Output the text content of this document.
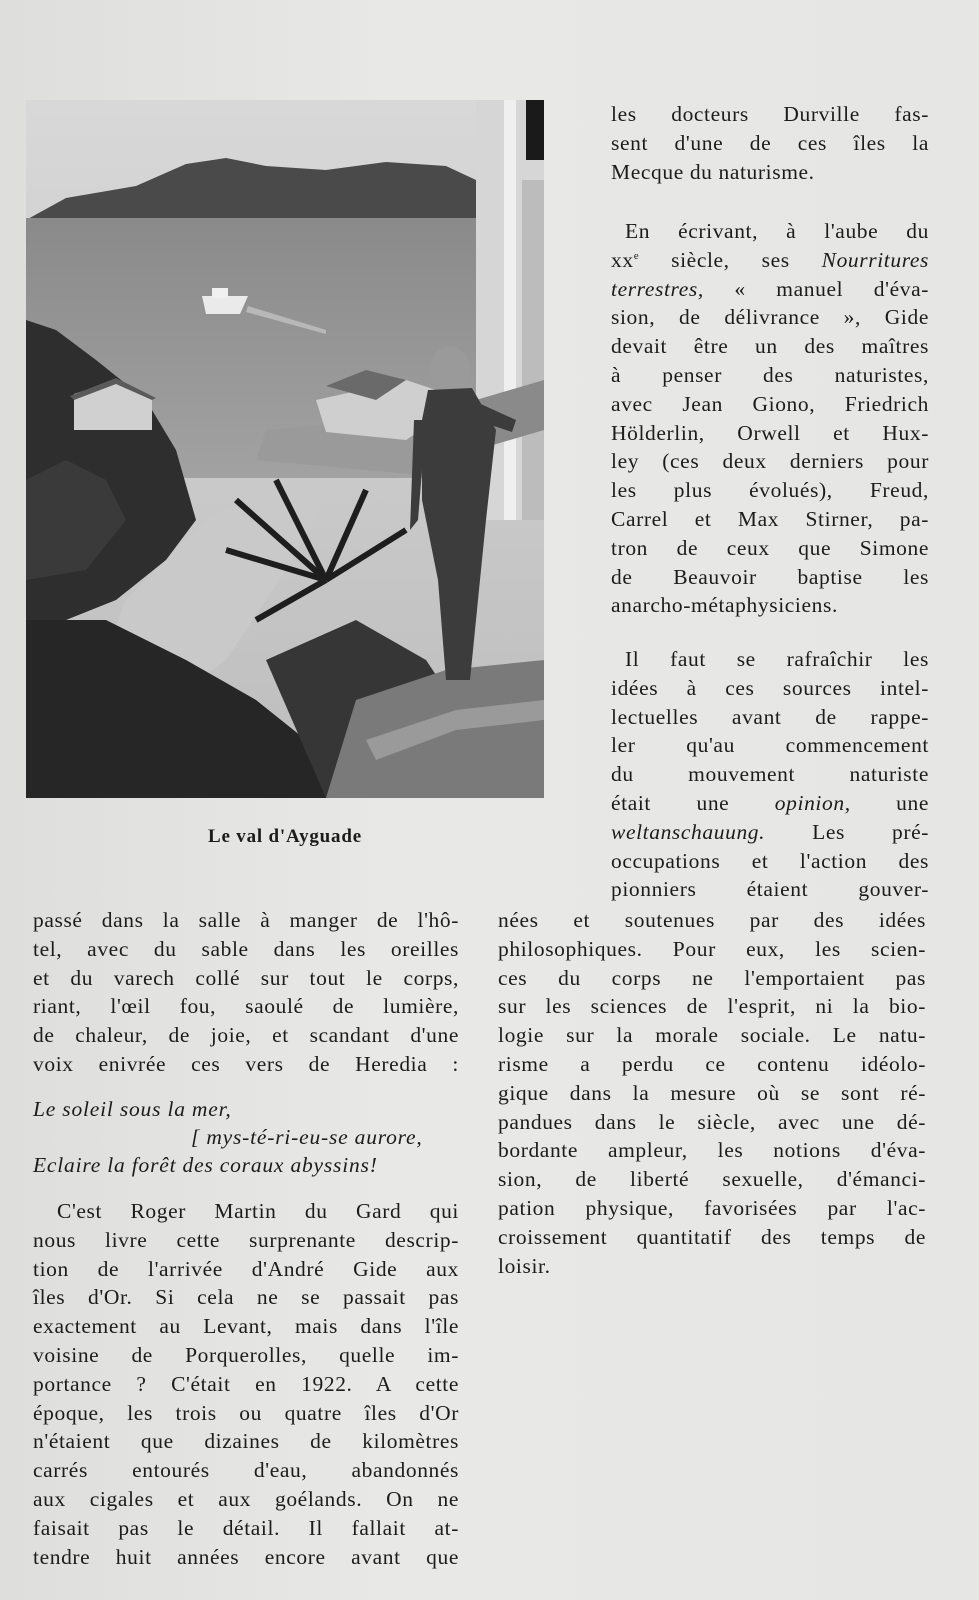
Le val d'Ayguade
les docteurs Durville fas-
sent d'une de ces îles la
Mecque du naturisme.
En écrivant, à l'aube du
$xx^e$ siècle, ses Nourritures
terrestres, « manuel d'éva-
sion, de délivrance », Gide
devait être un des maîtres
à penser des naturistes,
avec Jean Giono, Friedrich
Hölderlin, Orwell et Hux-
ley (ces deux derniers pour
les plus évolués), Freud,
Carrel et Max Stirner, pa-
tron de ceux que Simone
de Beauvoir baptise les
anarcho-métaphysiciens.
Il faut se rafraîchir les
idées à ces sources intel-
lectuelles avant de rappe-
ler qu'au commencement
du mouvement naturiste
était une opinion, une
weltanschauung. Les pré-
occupations et l'action des
pionniers étaient gouver-
nées et soutenues par des idées
philosophiques. Pour eux, les scien-
ces du corps ne l'emportaient pas
sur les sciences de l'esprit, ni la bio-
logie sur la morale sociale. Le natu-
risme a perdu ce contenu idéolo-
gique dans la mesure où se sont ré-
pandues dans le siècle, avec une dé-
bordante ampleur, les notions d'éva-
sion, de liberté sexuelle, d'émanci-
pation physique, favorisées par l'ac-
croissement quantitatif des temps de
loisir.
passé dans la salle à manger de l'hô-
tel, avec du sable dans les oreilles
et du varech collé sur tout le corps,
riant, l'œil fou, saoulé de lumière,
de chaleur, de joie, et scandant d'une
voix enivrée ces vers de Heredia :
Le soleil sous la mer,
[ mys-té-ri-eu-se aurore,
Eclaire la forêt des coraux abyssins!
C'est Roger Martin du Gard qui
nous livre cette surprenante descrip-
tion de l'arrivée d'André Gide aux
îles d'Or. Si cela ne se passait pas
exactement au Levant, mais dans l'île
voisine de Porquerolles, quelle im-
portance ? C'était en 1922. A cette
époque, les trois ou quatre îles d'Or
n'étaient que dizaines de kilomètres
carrés entourés d'eau, abandonnés
aux cigales et aux goélands. On ne
faisait pas le détail. Il fallait at-
tendre huit années encore avant que
